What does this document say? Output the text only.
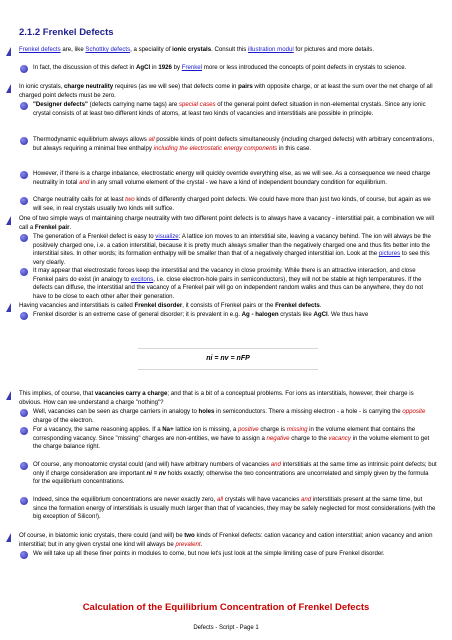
2.1.2 Frenkel Defects

Frenkel defects are, like Schottky defects, a speciality of ionic crystals. Consult this illustration modul for pictures and more details.

In fact, the discussion of this defect in AgCl in 1926 by Frenkel more or less introduced the concepts of point defects in crystals to science.

In ionic crystals, charge neutrality requires (as we will see) that defects come in pairs with opposite charge, or at least the sum over the net charge of all charged point defects must be zero.

"Designer defects" (defects carrying name tags) are special cases of the general point defect situation in non-elemental crystals. Since any ionic crystal consists of at least two different kinds of atoms, at least two kinds of vacancies and interstitials are possible in principle.

Thermodynamic equilibrium always allows all possible kinds of point defects simultaneously (including charged defects) with arbitrary concentrations, but always requiring a minimal free enthalpy including the electrostatic energy components in this case.

However, if there is a charge inbalance, electrostatic energy will quickly override everything else, as we will see. As a consequence we need charge neutrality in total and in any small volume element of the crystal - we have a kind of independent boundary condition for equilibrium.

Charge neutrality calls for at least two kinds of differently charged point defects. We could have more than just two kinds, of course, but again as we will see, in real crystals usually two kinds will suffice.

One of two simple ways of maintaining charge neutrality with two different point defects is to always have a vacancy - interstitial pair, a combination we will call a Frenkel pair.

The generation of a Frenkel defect is easy to visualize: A lattice ion moves to an interstitial site, leaving a vacancy behind. The ion will always be the positively charged one, i.e. a cation interstitial, because it is pretty much always smaller than the negatively charged one and thus fits better into the interstitial sites. In other words; its formation enthalpy will be smaller than that of a negatively charged interstitial ion. Look at the pictures to see this very clearly.

It may appear that electrostatic forces keep the interstitial and the vacancy in close proximity. While there is an attractive interaction, and close Frenkel pairs do exist (in analogy to excitons, i.e. close electron-hole pairs in semiconductors), they will not be stable at high temperatures. If the defects can diffuse, the interstitial and the vacancy of a Frenkel pair will go on independent random walks and thus can be anywhere, they do not have to be close to each other after their generation.

Having vacancies and interstitials is called Frenkel disorder, it consists of Frenkel pairs or the Frenkel defects.

Frenkel disorder is an extreme case of general disorder; it is prevalent in e.g. Ag - halogen crystals like AgCl. We thus have

ni = nv = nFP

This implies, of course, that vacancies carry a charge; and that is a bit of a conceptual problems. For ions as interstitials, however, their charge is obvious. How can we understand a charge "nothing"?

Well, vacancies can be seen as charge carriers in analogy to holes in semiconductors. There a missing electron - a hole - is carrying the opposite charge of the electron.

For a vacancy, the same reasoning applies. If a Na+ lattice ion is missing, a positive charge is missing in the volume element that contains the corresponding vacancy. Since "missing" charges are non-entities, we have to assign a negative charge to the vacancy in the volume element to get the charge balance right.

Of course, any monoatomic crystal could (and will) have arbitrary numbers of vacancies and interstitials at the same time as intrinsic point defects; but only if charge consideration are important ni = nv holds exactly; otherwise the two concentrations are uncorrelated and simply given by the formula for the equilibrium concentrations.

Indeed, since the equilibrium concentrations are never exactly zero, all crystals will have vacancies and interstitials present at the same time, but since the formation energy of interstitials is usually much larger than that of vacancies, they may be safely neglected for most considerations (with the big exception of Silicon!).

Of course, in biatomic ionic crystals, there could (and will) be two kinds of Frenkel defects: cation vacancy and cation interstitial; anion vacancy and anion interstitial; but in any given crystal one kind will always be prevalent.

We will take up all these finer points in modules to come, but now let's just look at the simple limiting case of pure Frenkel disorder.

Calculation of the Equilibrium Concentration of Frenkel Defects
Defects - Script - Page 1
